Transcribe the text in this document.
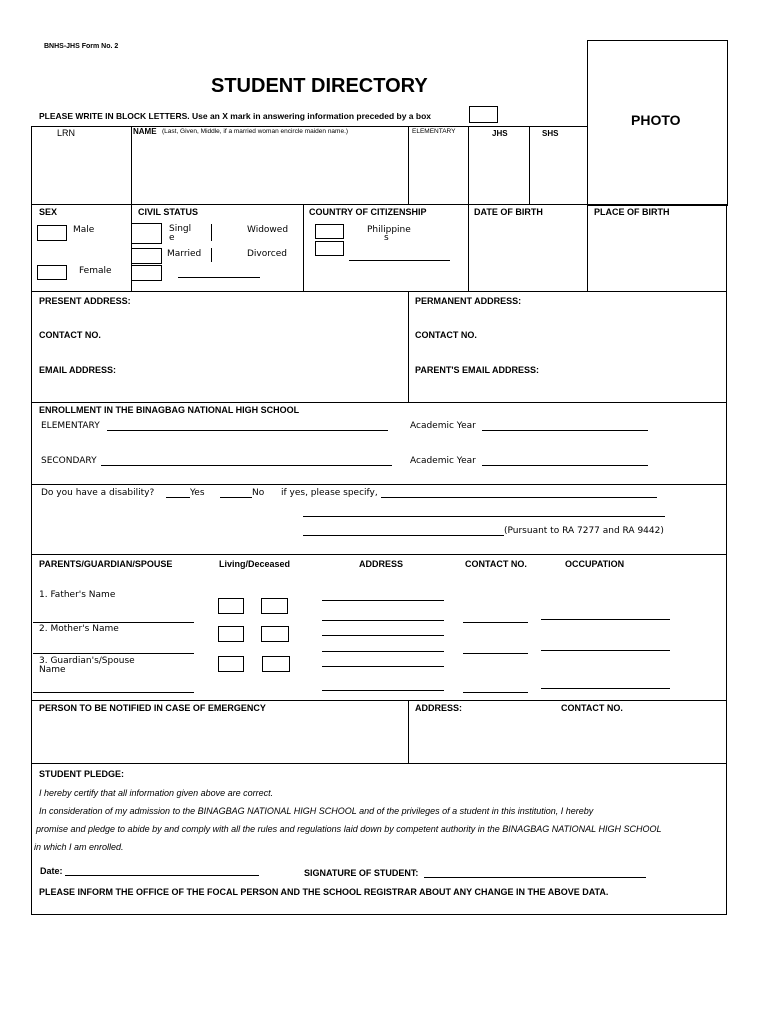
BNHS-JHS Form No. 2
STUDENT DIRECTORY
PLEASE WRITE IN BLOCK LETTERS. Use an X mark in answering information preceded by a box	PHOTO
LRN	NAME (Last, Given, Middle, if a married woman encircle maiden name.)	ELEMENTARY	JHS	SHS
SEX
Male
Female
CIVIL STATUS
Singl
e
Widowed
Married	Divorced
COUNTRY OF CITIZENSHIP
Philippine
s
DATE OF BIRTH	PLACE OF BIRTH
PRESENT ADDRESS:
CONTACT NO.
EMAIL ADDRESS:
PERMANENT ADDRESS:
CONTACT NO.
PARENT'S EMAIL ADDRESS:
ENROLLMENT IN THE BINAGBAG NATIONAL HIGH SCHOOL
ELEMENTARY	Academic Year
SECONDARY	Academic Year
Do you have a disability?	Yes	No if yes, please specify,
(Pursuant to RA 7277 and RA 9442)
PARENTS/GUARDIAN/SPOUSE	Living/Deceased	ADDRESS	CONTACT NO.	OCCUPATION
1. Father's Name
2. Mother's Name
3. Guardian's/Spouse
Name
PERSON TO BE NOTIFIED IN CASE OF EMERGENCY	ADDRESS:	CONTACT NO.
STUDENT PLEDGE:
I hereby certify that all information given above are correct.
In consideration of my admission to the BINAGBAG NATIONAL HIGH SCHOOL and of the privileges of a student in this institution, I hereby
promise and pledge to abide by and comply with all the rules and regulations laid down by competent authority in the BINAGBAG NATIONAL HIGH SCHOOL
in which I am enrolled.
Date:	SIGNATURE OF STUDENT:
PLEASE INFORM THE OFFICE OF THE FOCAL PERSON AND THE SCHOOL REGISTRAR ABOUT ANY CHANGE IN THE ABOVE DATA.
